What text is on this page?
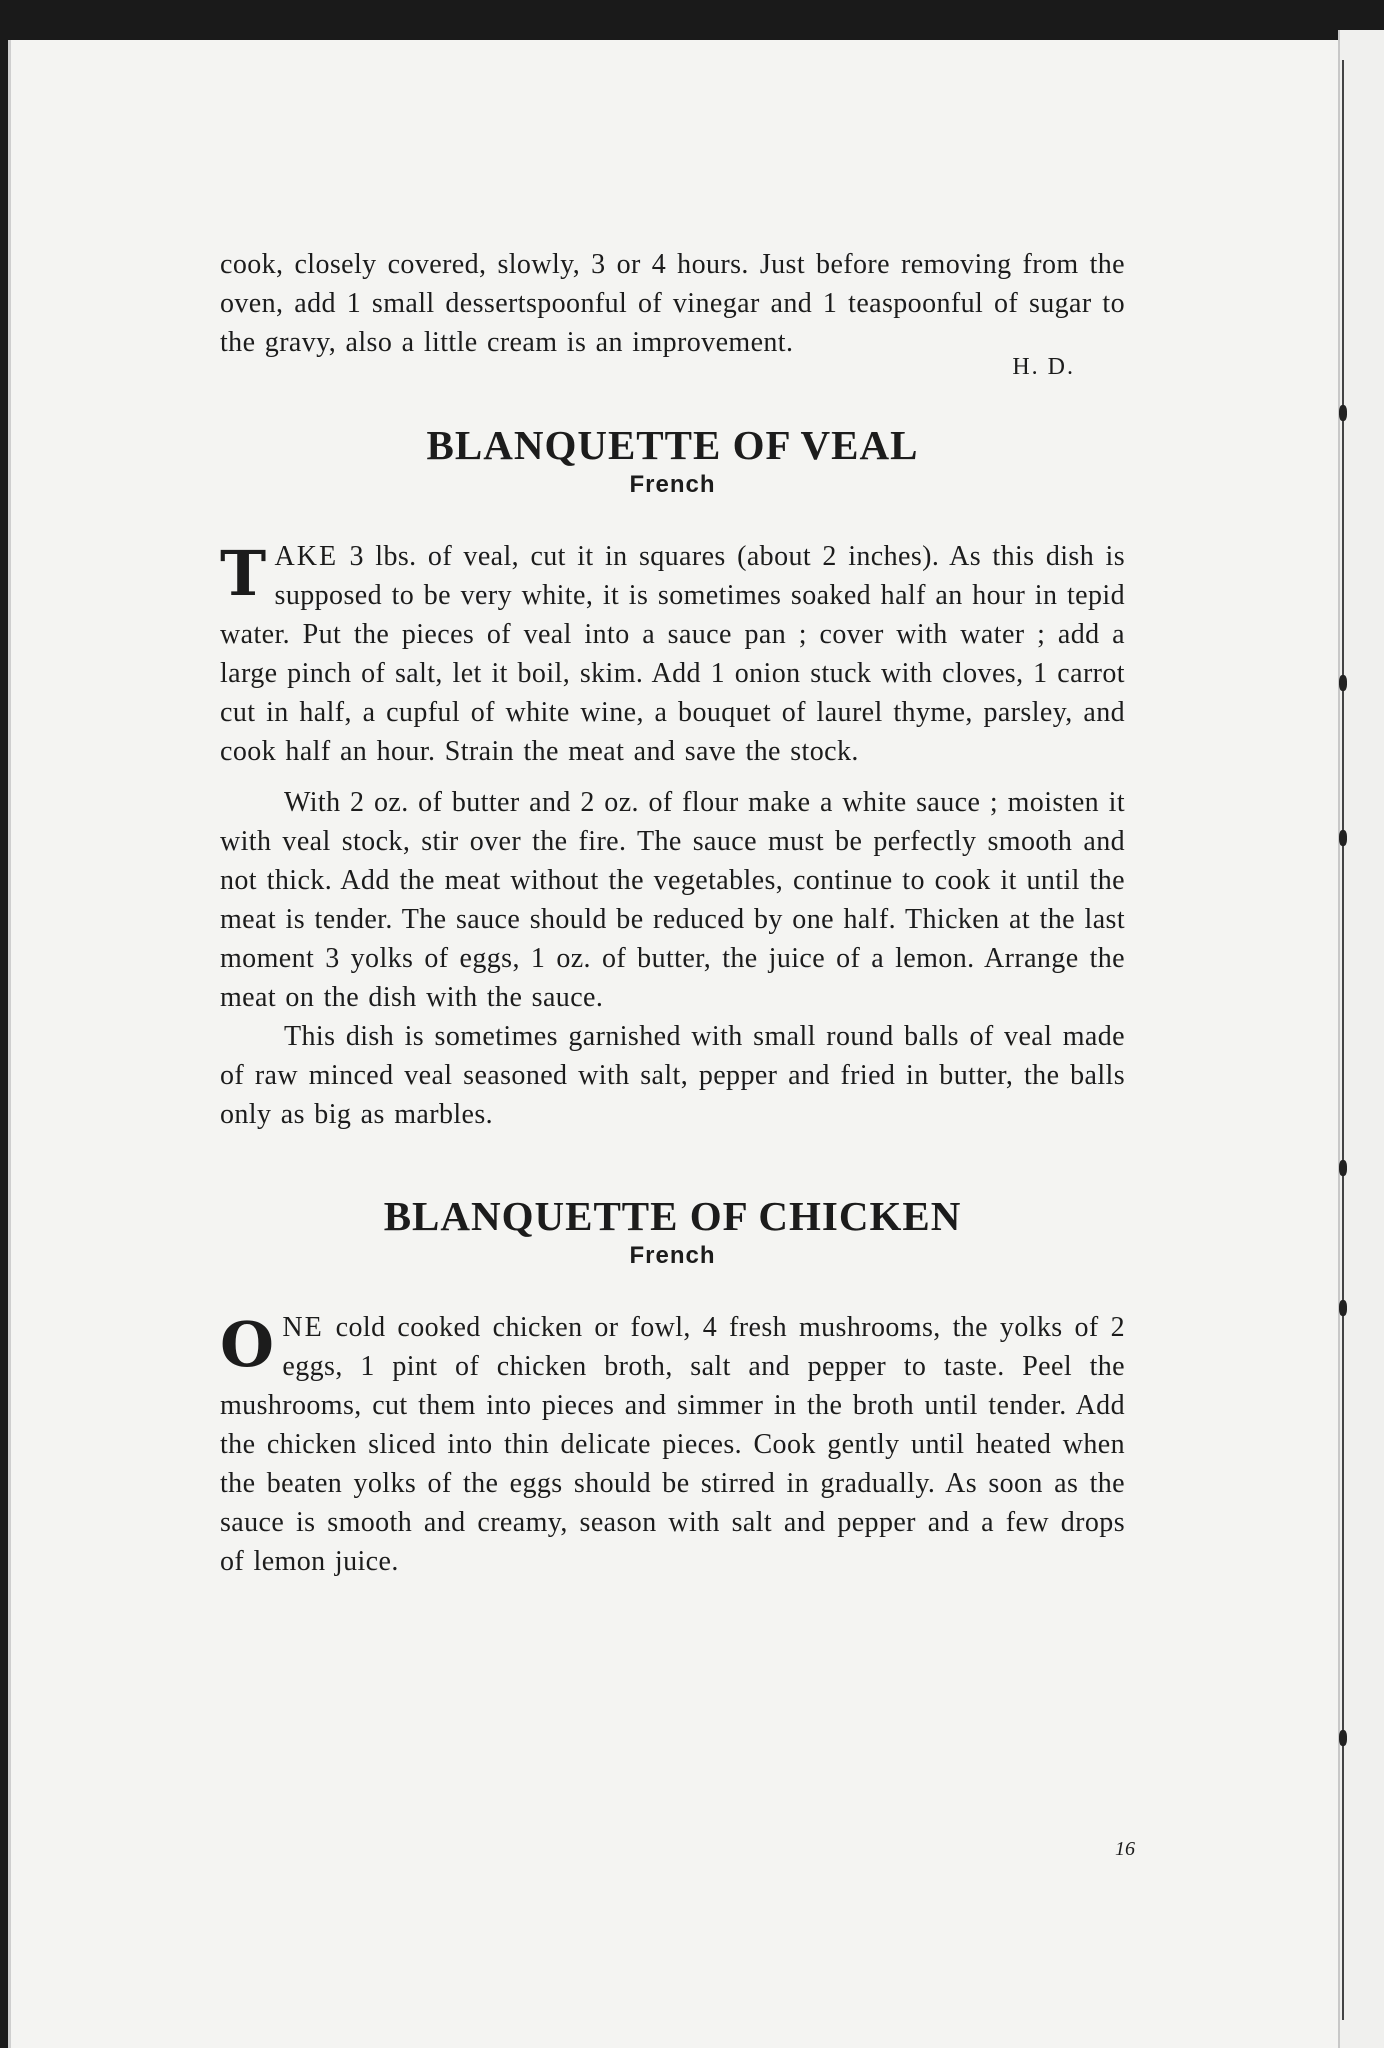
cook, closely covered, slowly, 3 or 4 hours. Just before removing from the oven, add 1 small dessertspoonful of vinegar and 1 teaspoonful of sugar to the gravy, also a little cream is an improvement.

H. D.
BLANQUETTE OF VEAL
French

TAKE 3 lbs. of veal, cut it in squares (about 2 inches). As this dish is supposed to be very white, it is sometimes soaked half an hour in tepid water. Put the pieces of veal into a sauce pan ; cover with water ; add a large pinch of salt, let it boil, skim. Add 1 onion stuck with cloves, 1 carrot cut in half, a cupful of white wine, a bouquet of laurel thyme, parsley, and cook half an hour. Strain the meat and save the stock.

With 2 oz. of butter and 2 oz. of flour make a white sauce ; moisten it with veal stock, stir over the fire. The sauce must be perfectly smooth and not thick. Add the meat without the vegetables, continue to cook it until the meat is tender. The sauce should be reduced by one half. Thicken at the last moment 3 yolks of eggs, 1 oz. of butter, the juice of a lemon. Arrange the meat on the dish with the sauce.

This dish is sometimes garnished with small round balls of veal made of raw minced veal seasoned with salt, pepper and fried in butter, the balls only as big as marbles.

BLANQUETTE OF CHICKEN
French

ONE cold cooked chicken or fowl, 4 fresh mushrooms, the yolks of 2 eggs, 1 pint of chicken broth, salt and pepper to taste. Peel the mushrooms, cut them into pieces and simmer in the broth until tender. Add the chicken sliced into thin delicate pieces. Cook gently until heated when the beaten yolks of the eggs should be stirred in gradually. As soon as the sauce is smooth and creamy, season with salt and pepper and a few drops of lemon juice.

16
